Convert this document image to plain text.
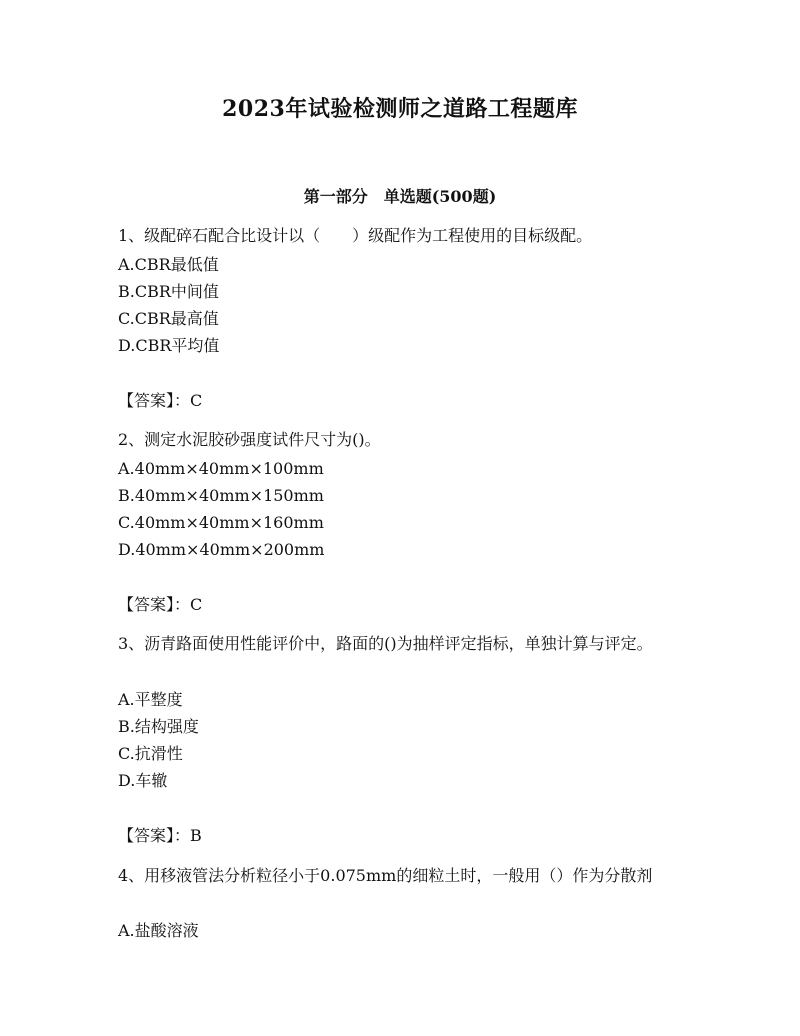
2023年试验检测师之道路工程题库
第一部分　单选题(500题)
1、级配碎石配合比设计以（　　）级配作为工程使用的目标级配。
A.CBR最低值
B.CBR中间值
C.CBR最高值
D.CBR平均值
【答案】：C
2、测定水泥胶砂强度试件尺寸为()。
A.40mm×40mm×100mm
B.40mm×40mm×150mm
C.40mm×40mm×160mm
D.40mm×40mm×200mm
【答案】：C
3、沥青路面使用性能评价中，路面的()为抽样评定指标，单独计算与评定。
A.平整度
B.结构强度
C.抗滑性
D.车辙
【答案】：B
4、用移液管法分析粒径小于0.075mm的细粒土时，一般用（）作为分散剂
A.盐酸溶液
